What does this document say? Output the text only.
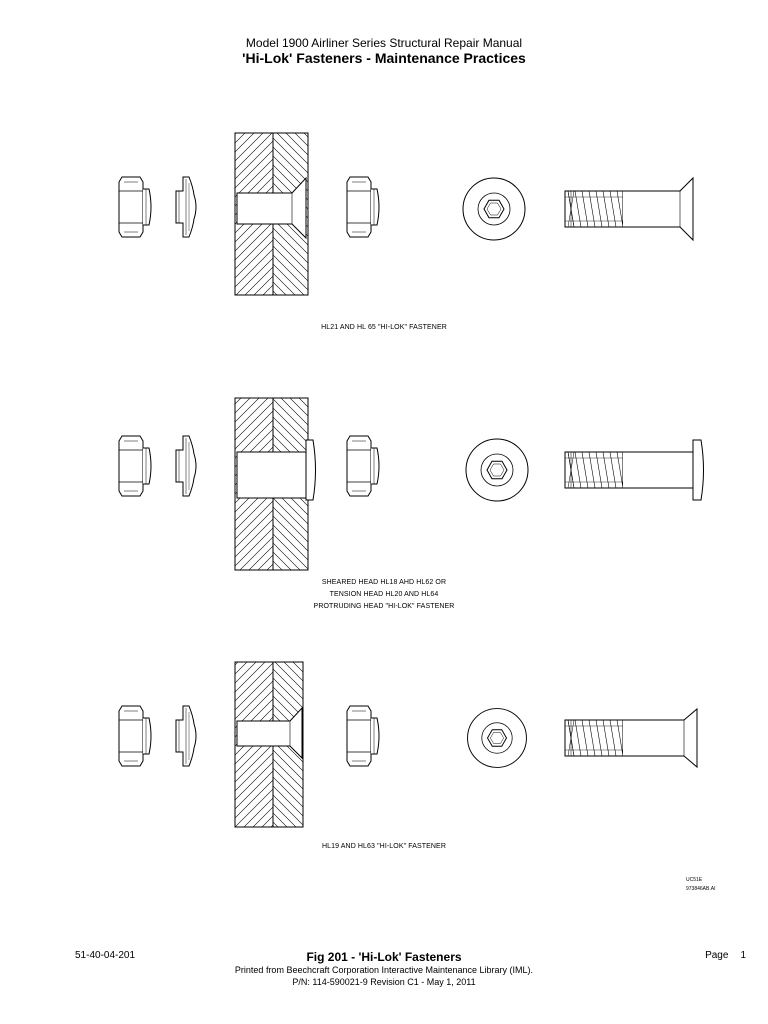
Model 1900 Airliner Series Structural Repair Manual
'Hi-Lok' Fasteners - Maintenance Practices
HL21 AND HL 65 "HI-LOK" FASTENER
SHEARED HEAD HL18 AHD HL62 OR
TENSION HEAD HL20 AND HL64
PROTRUDING HEAD "HI-LOK" FASTENER
HL19 AND HL63 "HI-LOK" FASTENER
UC51E
973846AB.AI
51-40-04-201	Fig 201 - 'Hi-Lok' Fasteners	Page 1
Printed from Beechcraft Corporation Interactive Maintenance Library (IML).
P/N: 114-590021-9 Revision C1 - May 1, 2011
